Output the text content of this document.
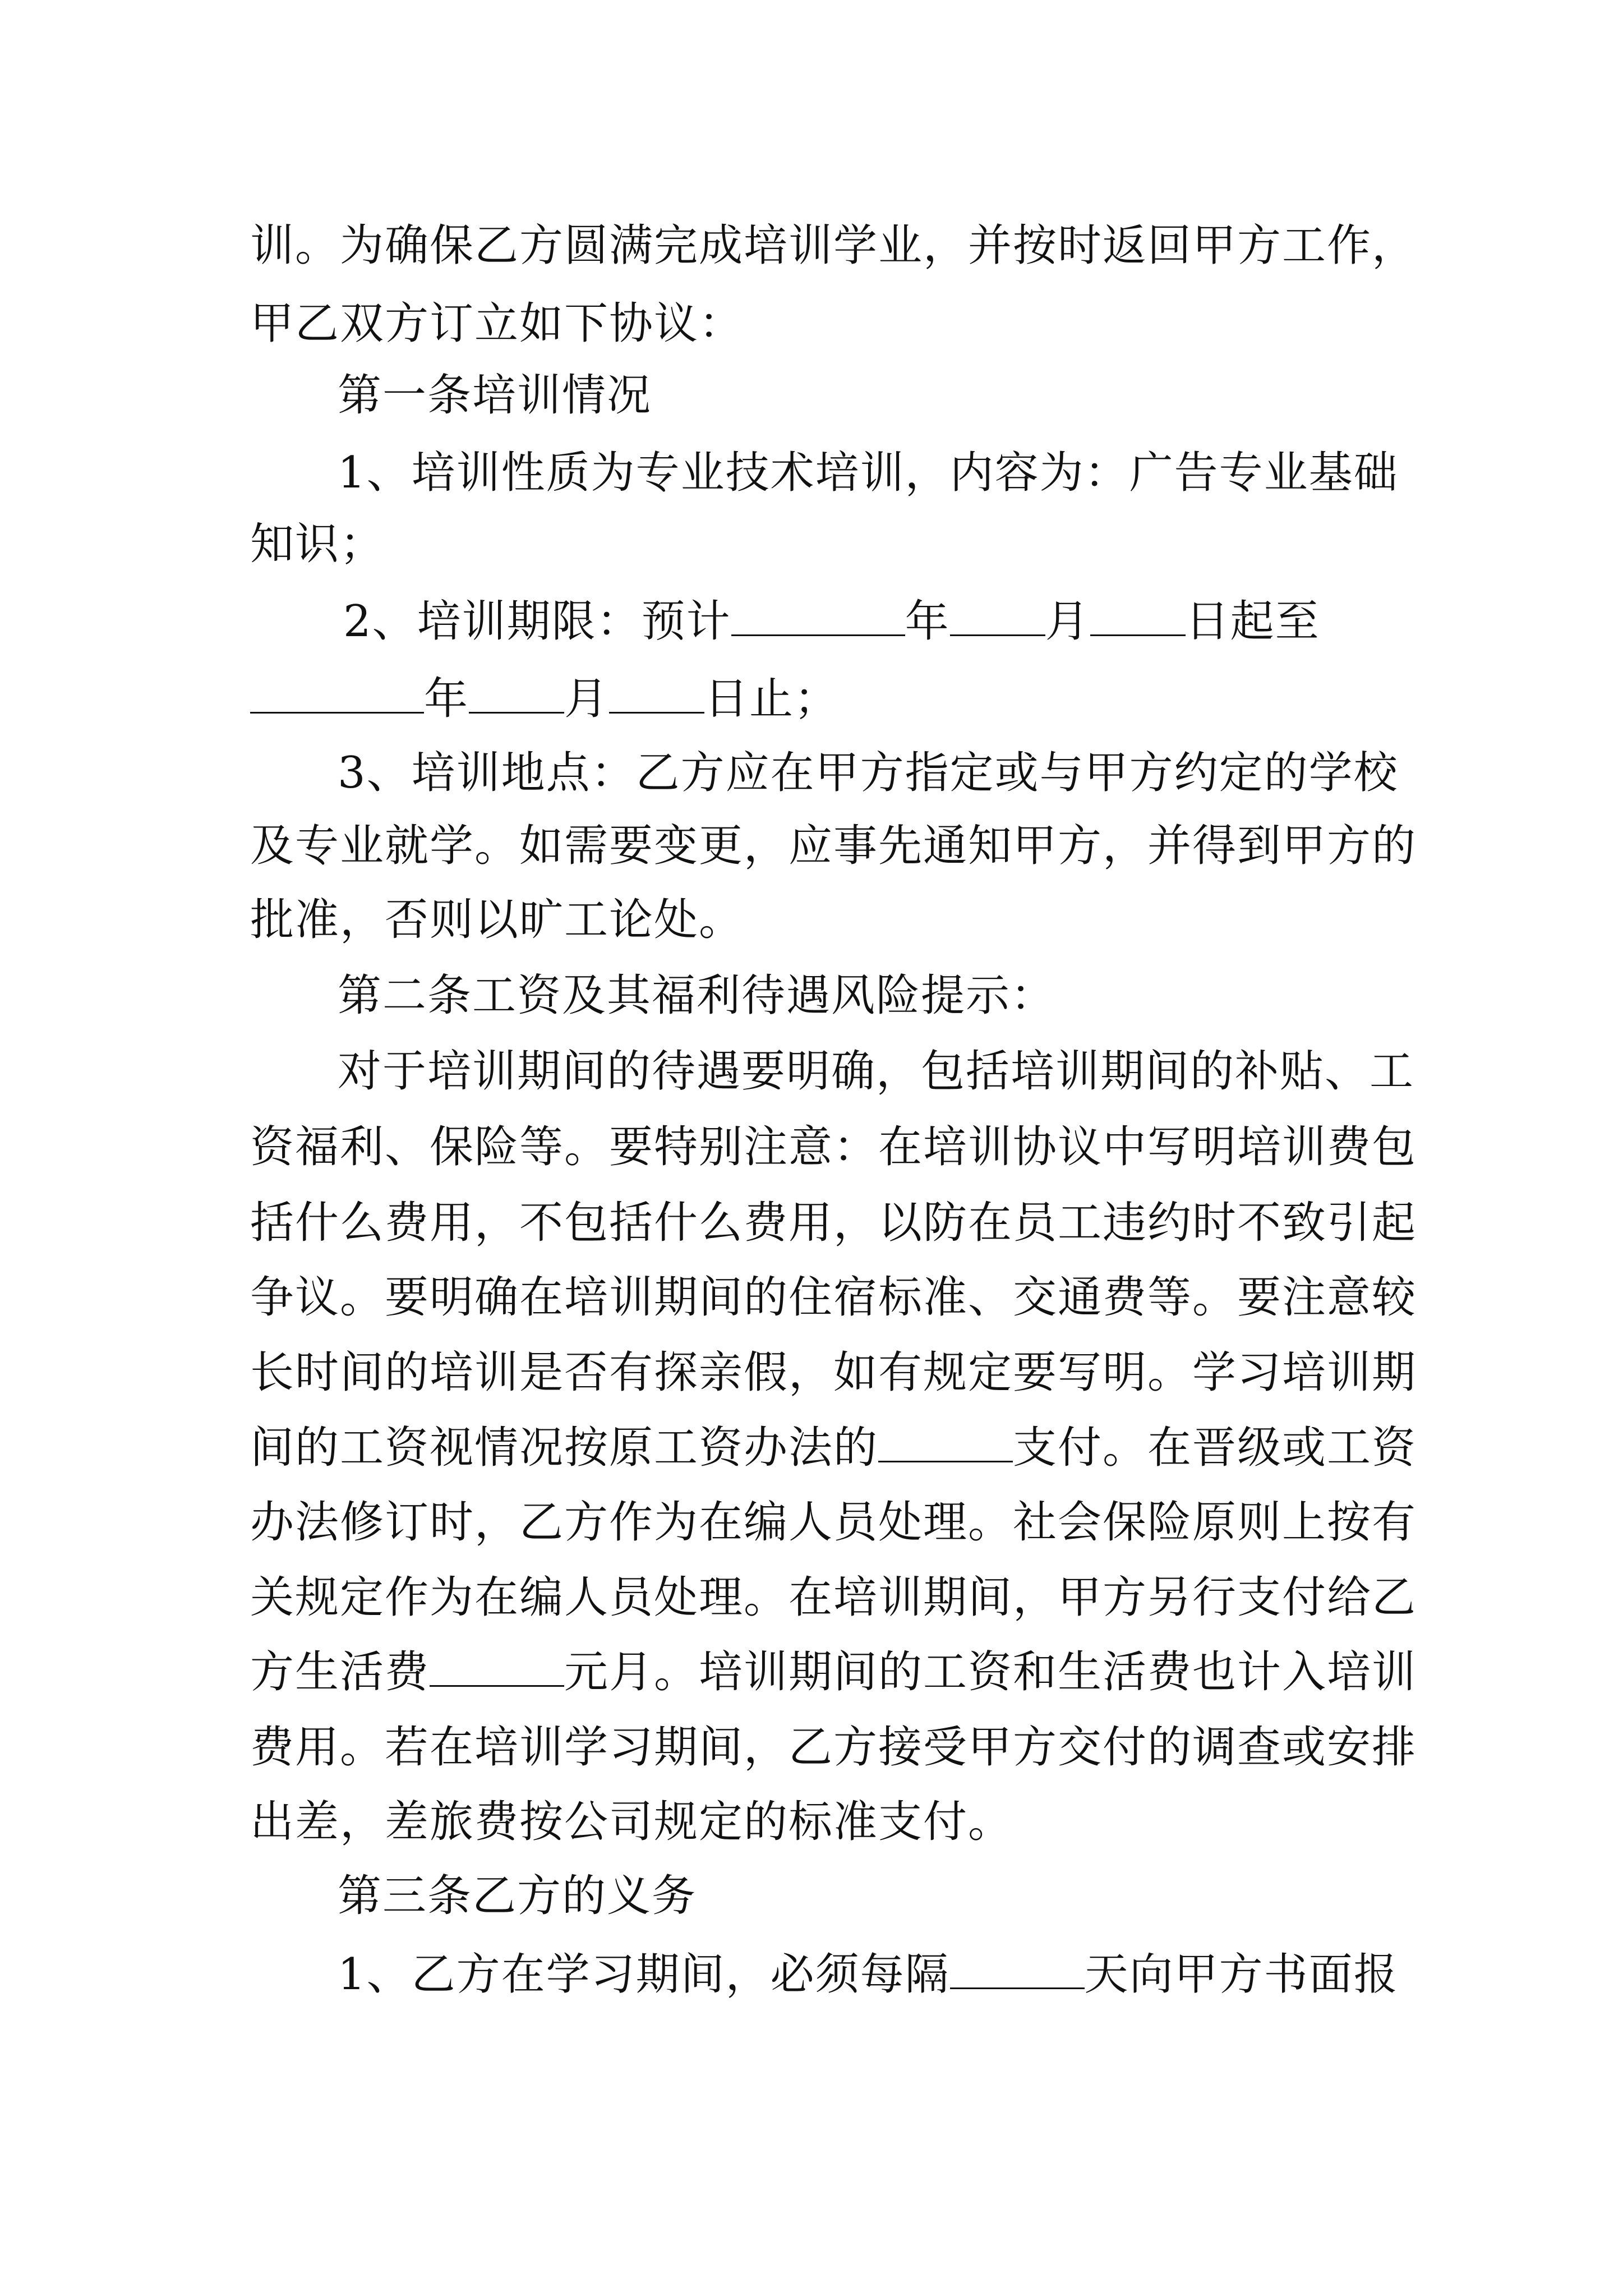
训。为确保乙方圆满完成培训学业，并按时返回甲方工作，
甲乙双方订立如下协议：
第一条培训情况
1、培训性质为专业技术培训，内容为：广告专业基础
知识；
2、培训期限：预计	年 月 日起至
年 月 日止；
3、培训地点：乙方应在甲方指定或与甲方约定的学校
及专业就学。如需要变更，应事先通知甲方，并得到甲方的
批准，否则以旷工论处。
第二条工资及其福利待遇风险提示：
对于培训期间的待遇要明确，包括培训期间的补贴、工
资福利、保险等。要特别注意：在培训协议中写明培训费包
括什么费用，不包括什么费用，以防在员工违约时不致引起
争议。要明确在培训期间的住宿标准、交通费等。要注意较
长时间的培训是否有探亲假，如有规定要写明。学习培训期
间的工资视情况按原工资办法的	支付。在晋级或工资
办法修订时，乙方作为在编人员处理。社会保险原则上按有
关规定作为在编人员处理。在培训期间，甲方另行支付给乙
方生活费	元月。培训期间的工资和生活费也计入培训
费用。若在培训学习期间，乙方接受甲方交付的调查或安排
出差，差旅费按公司规定的标准支付。
第三条乙方的义务
1、乙方在学习期间，必须每隔	天向甲方书面报
